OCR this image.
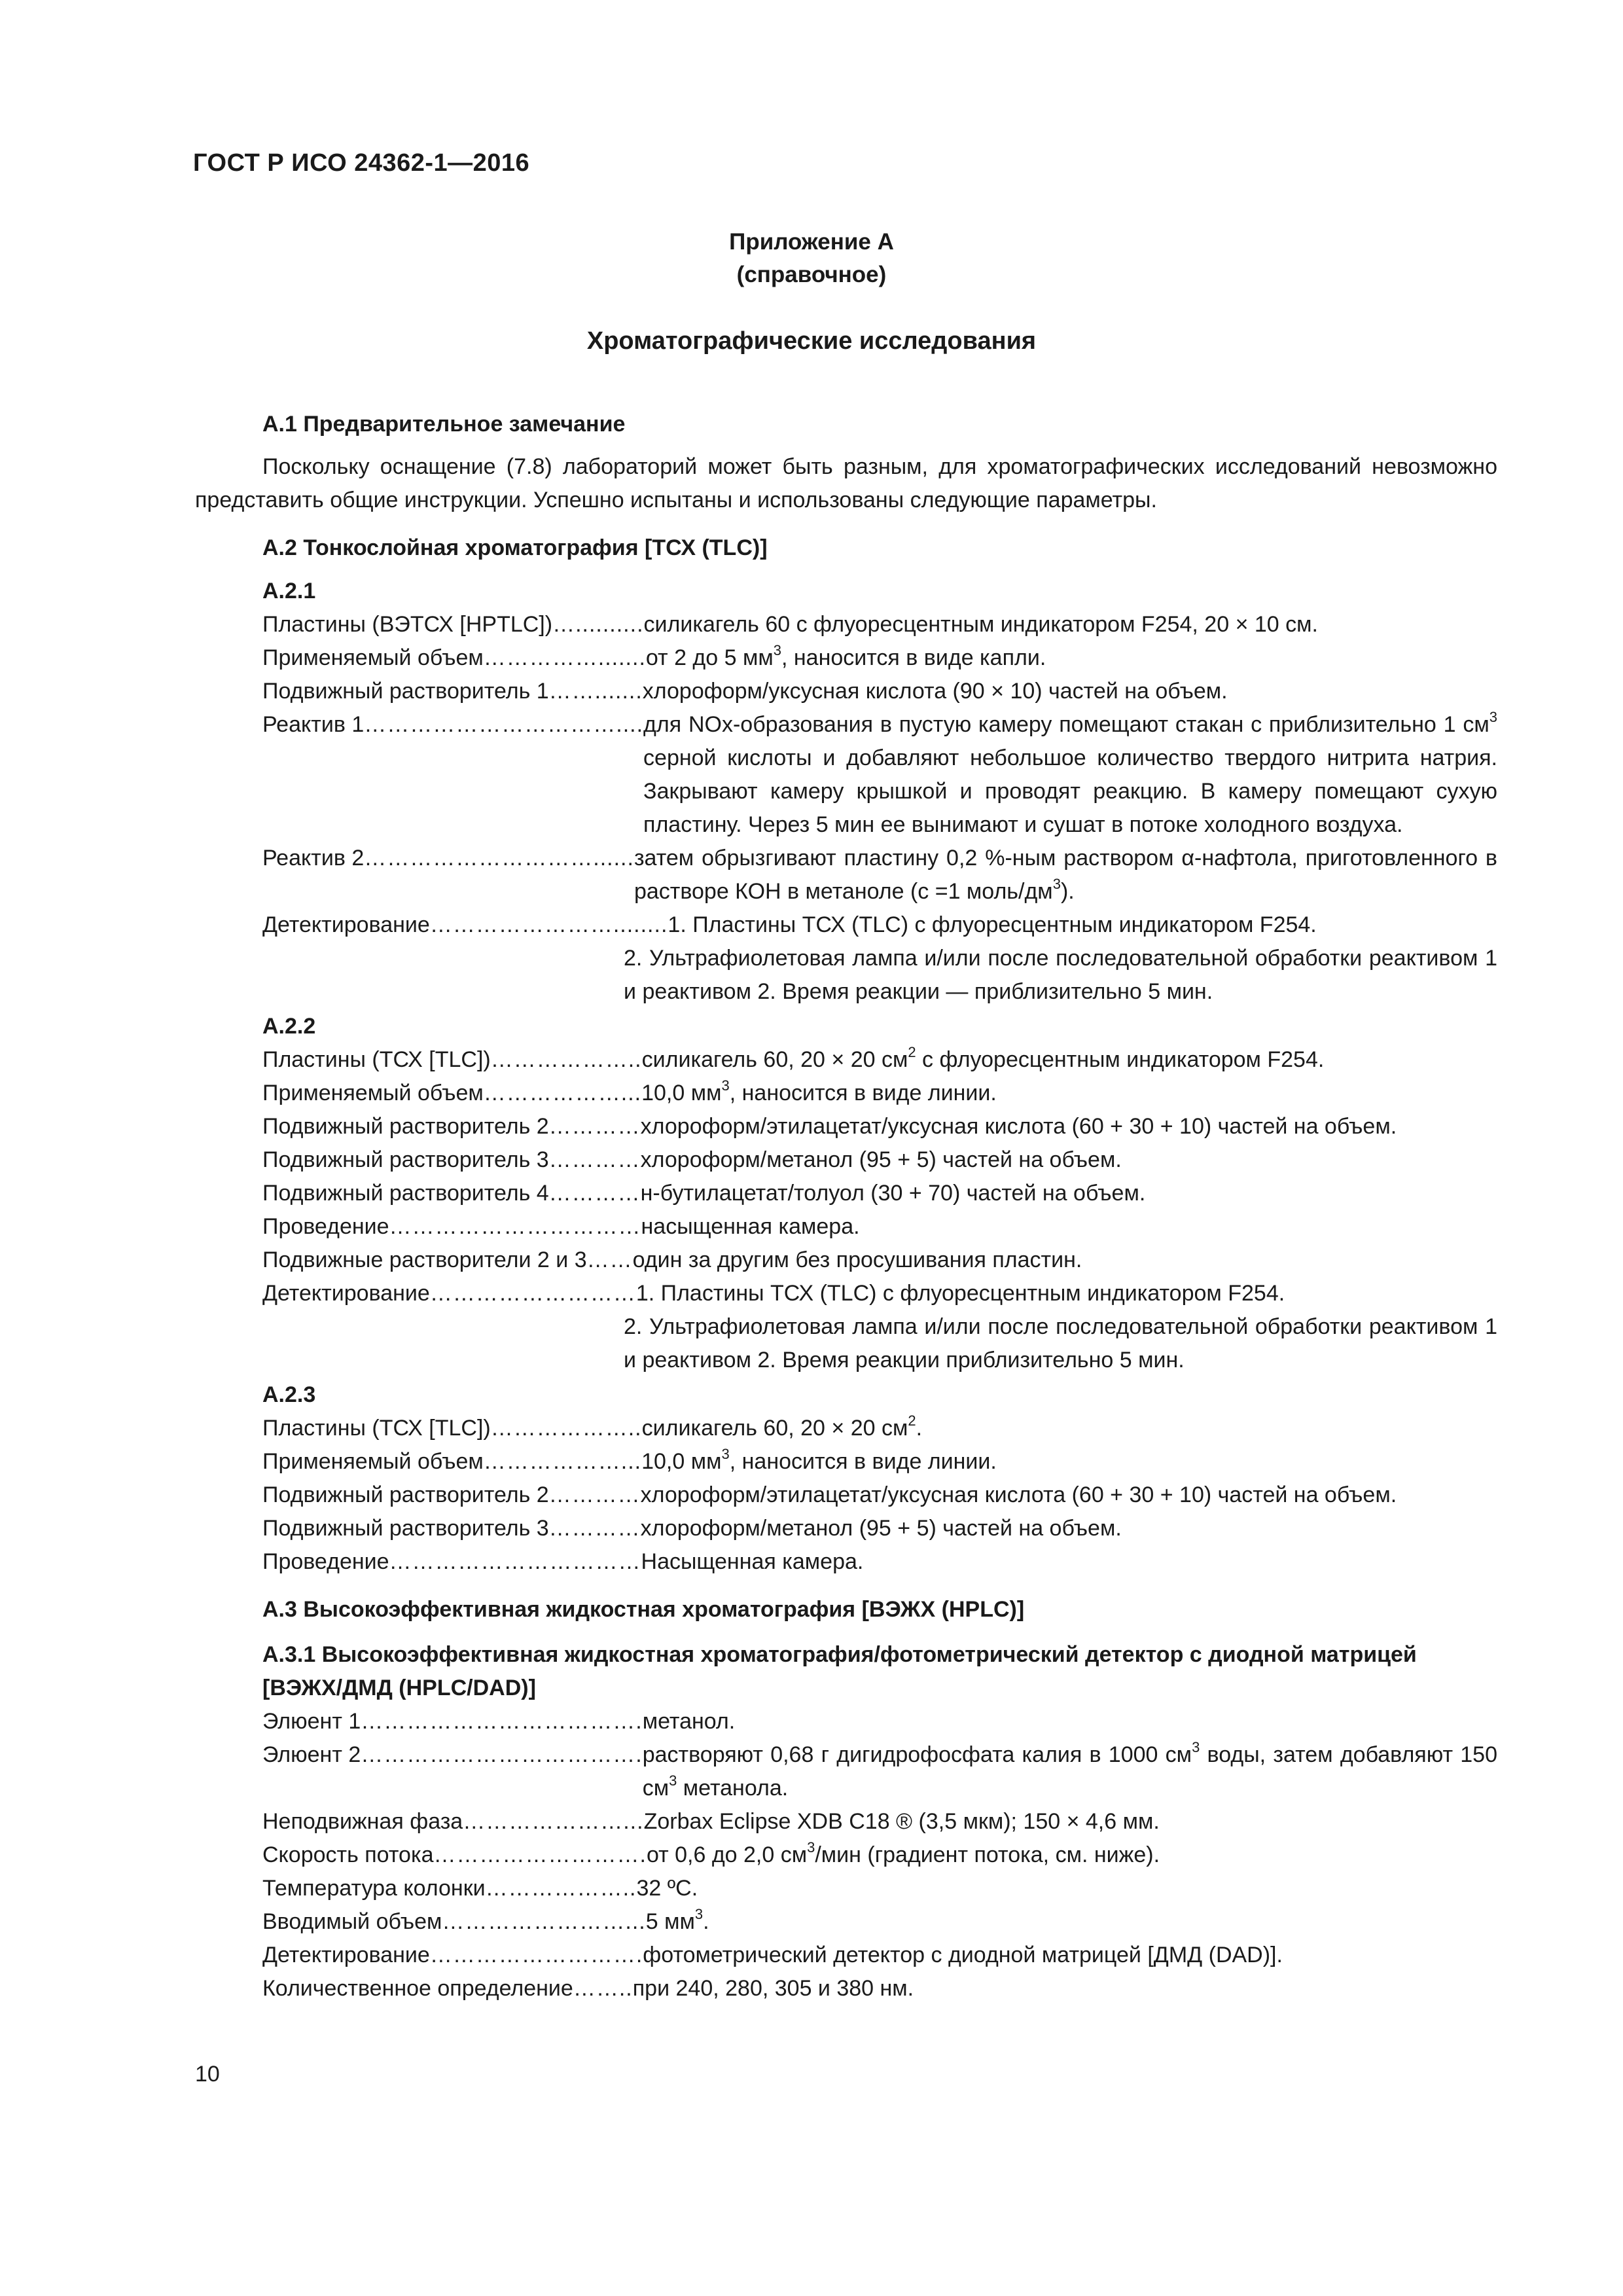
ГОСТ Р ИСО 24362-1—2016
Приложение А
(справочное)
Хроматографические исследования
А.1 Предварительное замечание
Поскольку оснащение (7.8) лабораторий может быть разным, для хроматографических исследований невозможно представить общие инструкции. Успешно испытаны и использованы следующие параметры.
А.2 Тонкослойная хроматография [ТСХ (TLC)]
А.2.1
Пластины (ВЭТСХ [HPTLC])….......... силикагель 60 с флуоресцентным индикатором F254, 20 × 10 см.
Применяемый объем……………....... от 2 до 5 $мм^3$, наносится в виде капли.
Подвижный растворитель 1……....... хлороформ/уксусная кислота (90 × 10) частей на объем.
Реактив 1…………………………….... для NOx-образования в пустую камеру помещают стакан с приблизительно 1 $см^3$ серной кислоты и добавляют небольшое количество твердого нитрита натрия. Закрывают камеру крышкой и проводят реакцию. В камеру помещают сухую пластину. Через 5 мин ее вынимают и сушат в потоке холодного воздуха.
Реактив 2…………………………...... затем обрызгивают пластину 0,2 %-ным раствором α-нафтола, приготовленного в растворе КОН в метаноле (с =1 моль/$дм^3$).
Детектирование……………………........ 1. Пластины ТСХ (TLC) с флуоресцентным индикатором F254.
2. Ультрафиолетовая лампа и/или после последовательной обработки реактивом 1 и реактивом 2. Время реакции — приблизительно 5 мин.
А.2.2
Пластины (ТСХ [TLC])……………….. силикагель 60, 20 × 20 $см^2$ с флуоресцентным индикатором F254.
Применяемый объем………………... 10,0 $мм^3$, наносится в виде линии.
Подвижный растворитель 2………… хлороформ/этилацетат/уксусная кислота (60 + 30 + 10) частей на объем.
Подвижный растворитель 3………… хлороформ/метанол (95 + 5) частей на объем.
Подвижный растворитель 4………… н-бутилацетат/толуол (30 + 70) частей на объем.
Проведение…………………………… насыщенная камера.
Подвижные растворители 2 и 3…… один за другим без просушивания пластин.
Детектирование……………………… 1. Пластины ТСХ (TLC) с флуоресцентным индикатором F254.
2. Ультрафиолетовая лампа и/или после последовательной обработки реактивом 1 и реактивом 2. Время реакции приблизительно 5 мин.
А.2.3
Пластины (ТСХ [TLC])……………….. силикагель 60, 20 × 20 $см^2$.
Применяемый объем………………... 10,0 $мм^3$, наносится в виде линии.
Подвижный растворитель 2………… хлороформ/этилацетат/уксусная кислота (60 + 30 + 10) частей на объем.
Подвижный растворитель 3………… хлороформ/метанол (95 + 5) частей на объем.
Проведение…………………………… Насыщенная камера.
А.3 Высокоэффективная жидкостная хроматография [ВЭЖХ (HPLC)]
А.3.1 Высокоэффективная жидкостная хроматография/фотометрический детектор с диодной матрицей [ВЭЖХ/ДМД (HPLC/DAD)]
Элюент 1………………………………. метанол.
Элюент 2………………………………. растворяют 0,68 г дигидрофосфата калия в 1000 $см^3$ воды, затем добавляют 150 $см^3$ метанола.
Неподвижная фаза…………………... Zorbax Eclipse XDB C18 ® (3,5 мкм); 150 × 4,6 мм.
Скорость потока………………………. от 0,6 до 2,0 $см^3$/мин (градиент потока, см. ниже).
Температура колонки……………….. 32 ºС.
Вводимый объем……………………... 5 $мм^3$.
Детектирование………………………. фотометрический детектор с диодной матрицей [ДМД (DAD)].
Количественное определение…….. при 240, 280, 305 и 380 нм.
10
